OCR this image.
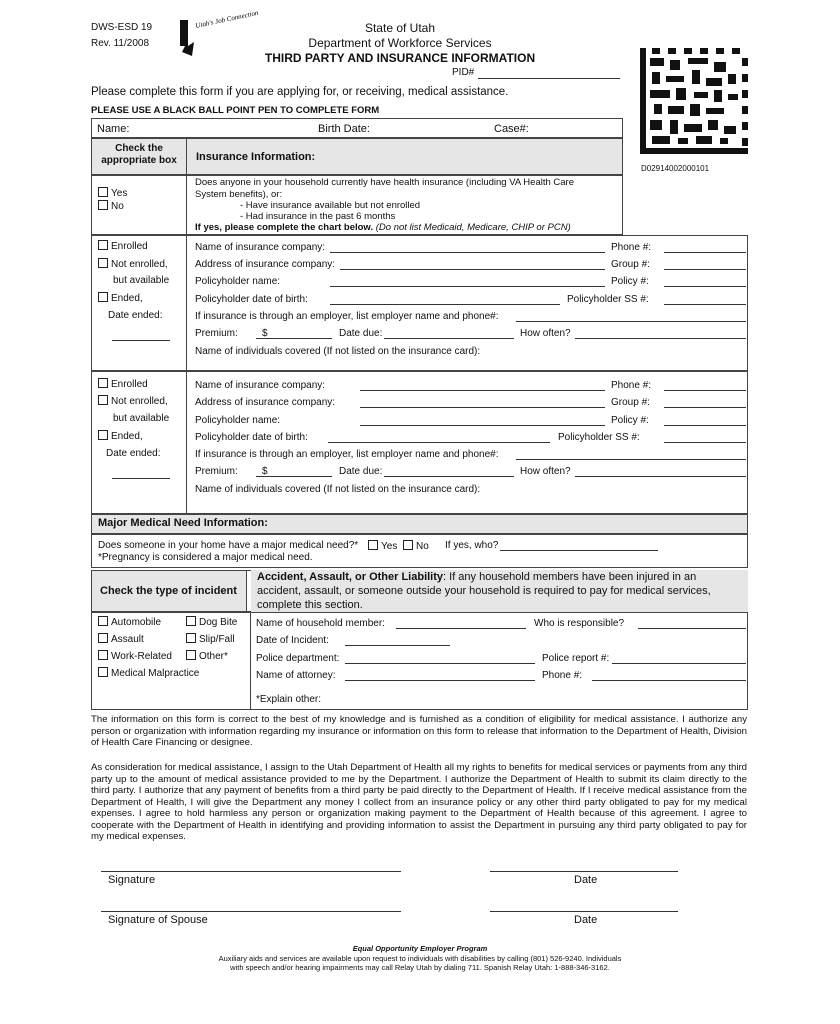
DWS-ESD 19
Rev. 11/2008
Utah's Job Connection	State of Utah
Department of Workforce Services
THIRD PARTY AND INSURANCE INFORMATION
PID#
D02914002000101
Please complete this form if you are applying for, or receiving, medical assistance.
PLEASE USE A BLACK BALL POINT PEN TO COMPLETE FORM
Name:	Birth Date:	Case#:
Check the appropriate box	Insurance Information:
Yes
No
Does anyone in your household currently have health insurance (including VA Health Care
System benefits), or:
- Have insurance available but not enrolled
- Had insurance in the past 6 months
If yes, please complete the chart below. (Do not list Medicaid, Medicare, CHIP or PCN)
Enrolled
Not enrolled,
but available
Ended,
Date ended:
Name of insurance company:	Phone #:
Address of insurance company:	Group #:
Policyholder name:	Policy #:
Policyholder date of birth:	Policyholder SS #:
If insurance is through an employer, list employer name and phone#:
Premium: $	Date due:	How often?
Name of individuals covered (If not listed on the insurance card):
Enrolled
Not enrolled,
but available
Ended,
Date ended:
Name of insurance company:	Phone #:
Address of insurance company:	Group #:
Policyholder name:	Policy #:
Policyholder date of birth:	Policyholder SS #:
If insurance is through an employer, list employer name and phone#:
Premium: $	Date due:	How often?
Name of individuals covered (If not listed on the insurance card):
Major Medical Need Information:
Does someone in your home have a major medical need?*	Yes	No If yes, who?
*Pregnancy is considered a major medical need.
Check the type of incident
Accident, Assault, or Other Liability: If any household members have been injured in an
accident, assault, or someone outside your household is required to pay for medical services,
complete this section.
Automobile	Dog Bite
Assault	Slip/Fall
Work-Related	Other*
Medical Malpractice
Name of household member:	Who is responsible?
Date of Incident:
Police department:	Police report #:
Name of attorney:	Phone #:
*Explain other:
The information on this form is correct to the best of my knowledge and is furnished as a condition of eligibility for medical assistance. I authorize any person or organization with information regarding my insurance or information on this form to release that information to the Department of Health, Division of Health Care Financing or designee.
As consideration for medical assistance, I assign to the Utah Department of Health all my rights to benefits for medical services or payments from any third party up to the amount of medical assistance provided to me by the Department. I authorize the Department of Health to submit its claim directly to the third party. I authorize that any payment of benefits from a third party be paid directly to the Department of Health. If I receive medical assistance from the Department of Health, I will give the Department any money I collect from an insurance policy or any other third party obligated to pay for my medical expenses. I agree to hold harmless any person or organization making payment to the Department of Health because of this agreement. I agree to cooperate with the Department of Health in identifying and providing information to assist the Department in pursuing any third party obligated to pay for my medical expenses.
Signature	Date
Signature of Spouse	Date
Equal Opportunity Employer Program
Auxiliary aids and services are available upon request to individuals with disabilities by calling (801) 526-9240. Individuals
with speech and/or hearing impairments may call Relay Utah by dialing 711. Spanish Relay Utah: 1-888-346-3162.
